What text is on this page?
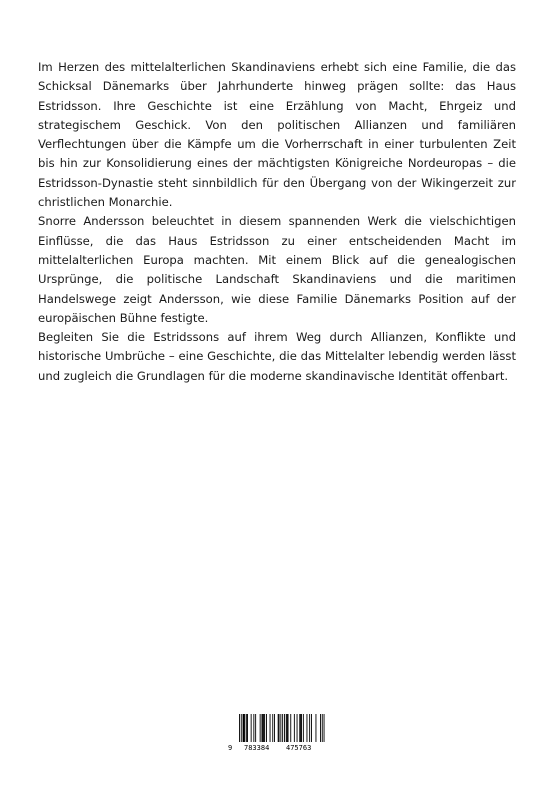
Im Herzen des mittelalterlichen Skandinaviens erhebt sich eine Familie, die das Schicksal Dänemarks über Jahrhunderte hinweg prägen sollte: das Haus Estridsson. Ihre Geschichte ist eine Erzählung von Macht, Ehrgeiz und strategischem Geschick. Von den politischen Allianzen und familiären Verflechtungen über die Kämpfe um die Vorherrschaft in einer turbulenten Zeit bis hin zur Konsolidierung eines der mächtigsten Königreiche Nordeuropas – die Estridsson-Dynastie steht sinnbildlich für den Übergang von der Wikingerzeit zur christlichen Monarchie.

Snorre Andersson beleuchtet in diesem spannenden Werk die vielschichtigen Einflüsse, die das Haus Estridsson zu einer entscheidenden Macht im mittelalterlichen Europa machten. Mit einem Blick auf die genealogischen Ursprünge, die politische Landschaft Skandinaviens und die maritimen Handelswege zeigt Andersson, wie diese Familie Dänemarks Position auf der europäischen Bühne festigte.

Begleiten Sie die Estridssons auf ihrem Weg durch Allianzen, Konflikte und historische Umbrüche – eine Geschichte, die das Mittelalter lebendig werden lässt und zugleich die Grundlagen für die moderne skandinavische Identität offenbart.

9 783384 475763
